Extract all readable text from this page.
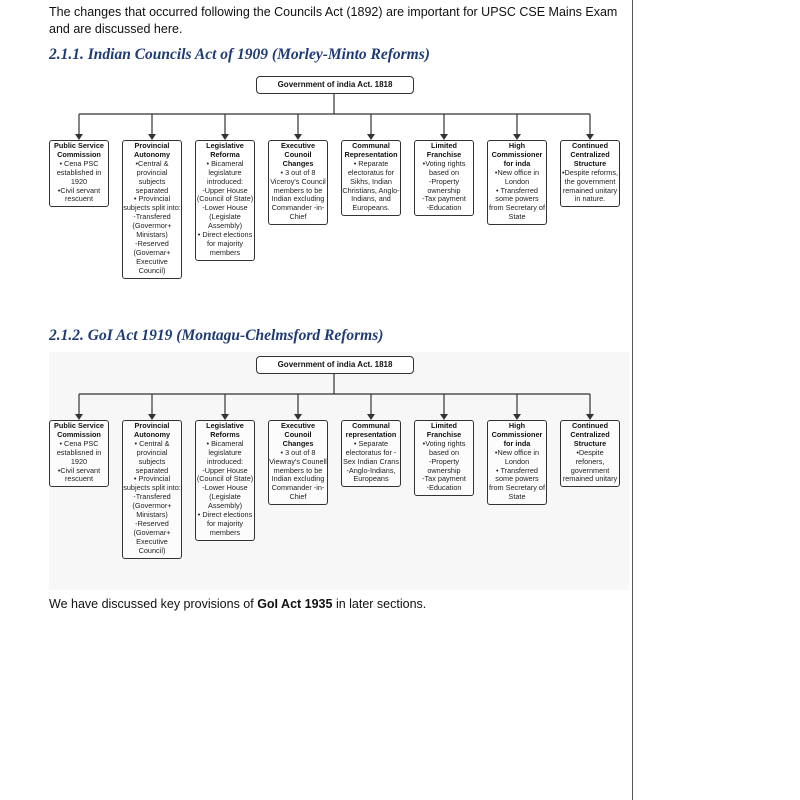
The changes that occurred following the Councils Act (1892) are important for UPSC CSE Mains Exam and are discussed here.

2.1.1. Indian Councils Act of 1909 (Morley-Minto Reforms)
Government of india Act. 1818
Public Service Commission
• Cena PSC established in 1920
•Civil servant rescuent
Provincial Autonomy
•Central & provincial subjects separated
• Provincial subjects split into:
-Transfered (Govermor+ Ministars)
-Reserved (Governar+ Executive Council)
Legislative Reforma
• Bicameral legislature introduced:
-Upper House (Council of State)
-Lower House (Legislate Assembly)
• Direct elections for majority members
Executive Counoil Changes
• 3 out of 8 Viceroy's Council members to be Indian excluding Commander -in-Chief
Communal Representation
• Reparate electoratus for Sikhs, Indian Christians, Anglo-Indians, and Europeans.
Limited Franchise
•Voting rights based on
-Property ownership
-Tax payment
-Education
High Commissioner for inda
•New office in London
• Transferred some powers from Secretary of State
Continued Centralized Structure
•Despite reforms, the government remained unitary in nature.
2.1.2. GoI Act 1919 (Montagu-Chelmsford Reforms)
Government of india Act. 1818
Public Service Commission
• Cena PSC establisned in 1920
•Civil servant rescuent
Provincial Autonomy
• Central & provincial subjects separated
• Provincial subjects split into:
-Transfered (Govermor+ Ministars)
-Reserved (Governar+ Executive Council)
Legislative Reforms
• Bicameral legislature introduced:
-Upper House (Council of State)
-Lower House (Legislate Assembly)
• Direct elections for majority members
Executive Counoil Changes
• 3 out of 8 Viewray's Counell members to be Indian excluding Commander -in-Chief
Communal representation
• Separate electoratus for -Sex Indian Crans
-Anglo-Indians, Europeans
Limited Franchise
•Voting rights based on
-Property ownership
-Tax payment
-Education
High Commissioner for inda
•New office in London
• Transferred some powers from Secretary of State
Continued Centralized Structure
•Despite refoners, government remained unitary

We have discussed key provisions of GoI Act 1935 in later sections.
